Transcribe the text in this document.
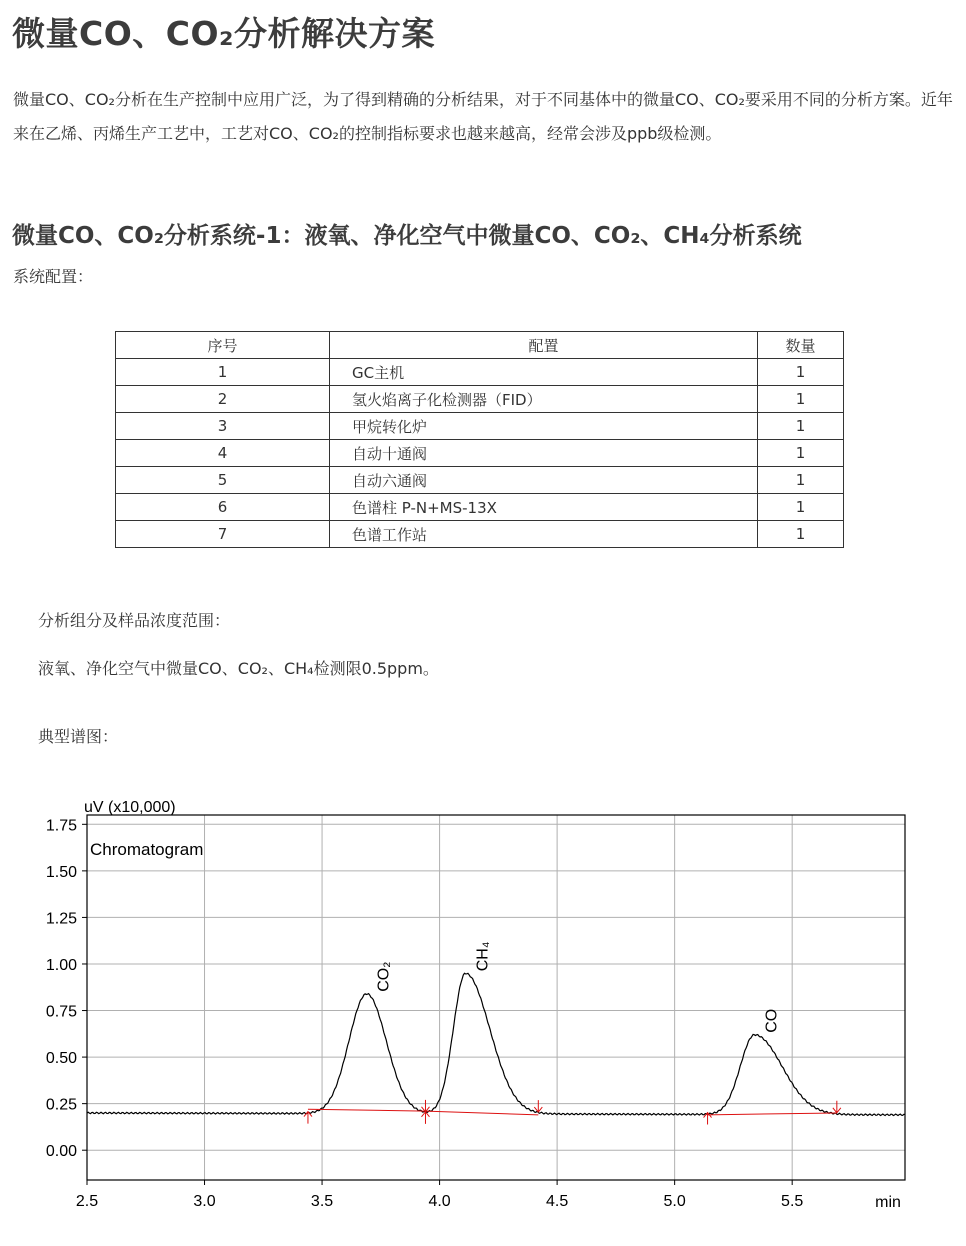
微量CO、CO₂分析解决方案
微量CO、CO₂分析在生产控制中应用广泛，为了得到精确的分析结果，对于不同基体中的微量CO、CO₂要采用不同的分析方案。近年来在乙烯、丙烯生产工艺中，工艺对CO、CO₂的控制指标要求也越来越高，经常会涉及ppb级检测。
微量CO、CO₂分析系统-1：液氧、净化空气中微量CO、CO₂、CH₄分析系统
系统配置：
序号	配置	数量
1	GC主机	1
2	氢火焰离子化检测器（FID）	1
3	甲烷转化炉	1
4	自动十通阀	1
5	自动六通阀	1
6	色谱柱 P-N+MS-13X	1
7	色谱工作站	1
分析组分及样品浓度范围：
液氧、净化空气中微量CO、CO₂、CH₄检测限0.5ppm。
典型谱图：
2.5	3.0	3.5	4.0	4.5	5.0	5.5
0.00
0.25
0.50
0.75
1.00
1.25
1.50
1.75
CO₂
CH₄
CO
uV (x10,000)
Chromatogram
min
